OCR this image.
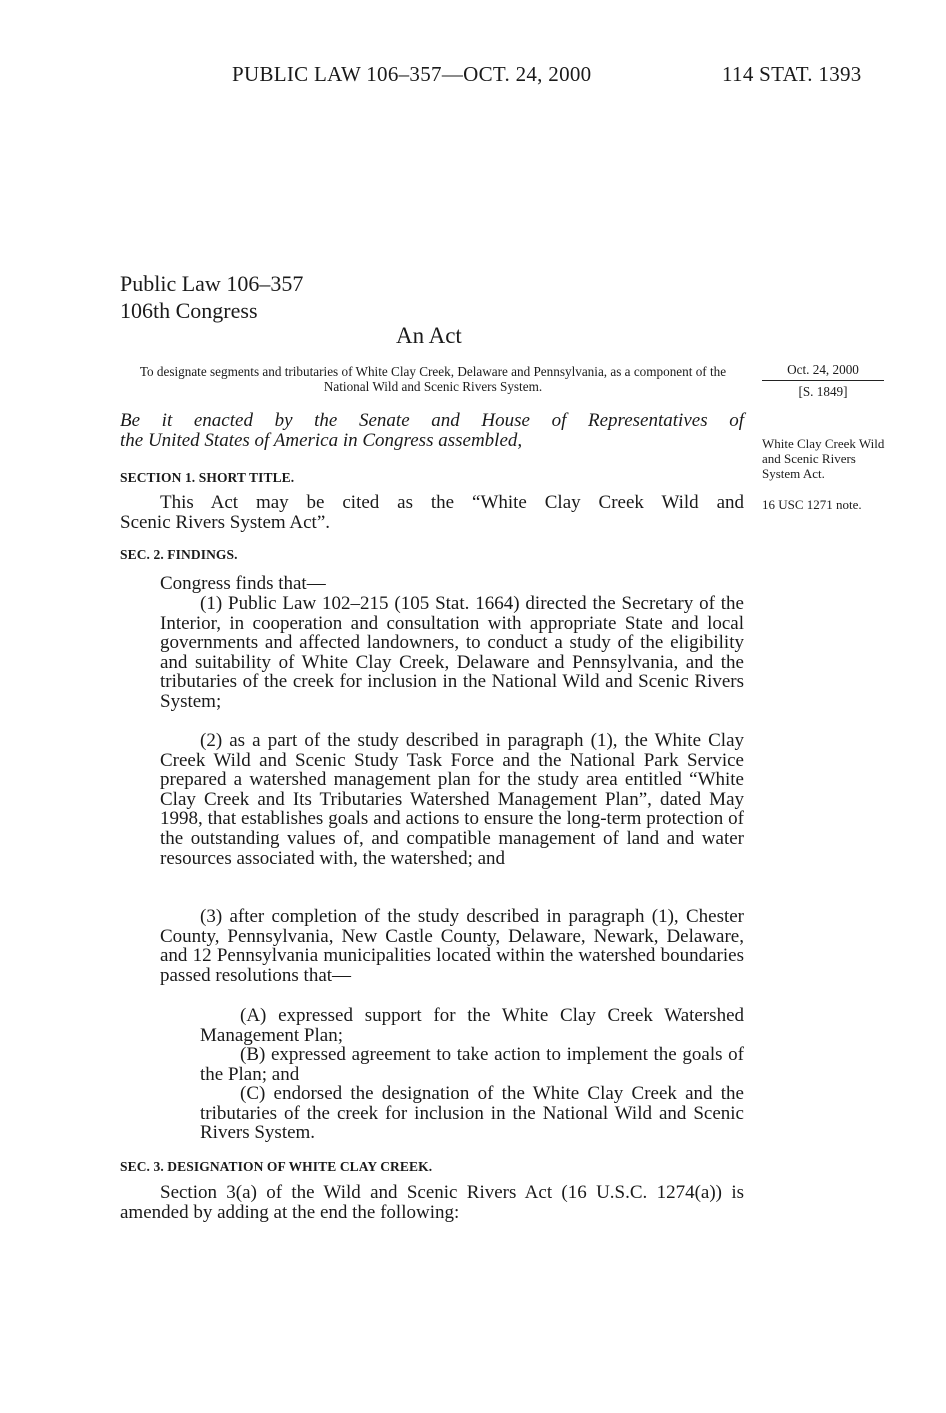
PUBLIC LAW 106–357—OCT. 24, 2000	114 STAT. 1393
Public Law 106–357
106th Congress
An Act
To designate segments and tributaries of White Clay Creek, Delaware and Pennsylvania, as a component of the National Wild and Scenic Rivers System.
Oct. 24, 2000
[S. 1849]
Be it enacted by the Senate and House of Representatives of
the United States of America in Congress assembled,	White Clay Creek Wild and Scenic Rivers System Act.
16 USC 1271 note.
SECTION 1. SHORT TITLE.
This Act may be cited as the “White Clay Creek Wild and
Scenic Rivers System Act”.
SEC. 2. FINDINGS.
Congress finds that—
(1) Public Law 102–215 (105 Stat. 1664) directed the Secretary of the Interior, in cooperation and consultation with appropriate State and local governments and affected landowners, to conduct a study of the eligibility and suitability of White Clay Creek, Delaware and Pennsylvania, and the tributaries of the creek for inclusion in the National Wild and Scenic Rivers System;
(2) as a part of the study described in paragraph (1), the White Clay Creek Wild and Scenic Study Task Force and the National Park Service prepared a watershed management plan for the study area entitled “White Clay Creek and Its Tributaries Watershed Management Plan”, dated May 1998, that establishes goals and actions to ensure the long-term protection of the outstanding values of, and compatible management of land and water resources associated with, the watershed; and
(3) after completion of the study described in paragraph (1), Chester County, Pennsylvania, New Castle County, Delaware, Newark, Delaware, and 12 Pennsylvania municipalities located within the watershed boundaries passed resolutions that—
(A) expressed support for the White Clay Creek Watershed Management Plan;
(B) expressed agreement to take action to implement the goals of the Plan; and
(C) endorsed the designation of the White Clay Creek and the tributaries of the creek for inclusion in the National Wild and Scenic Rivers System.
SEC. 3. DESIGNATION OF WHITE CLAY CREEK.
Section 3(a) of the Wild and Scenic Rivers Act (16 U.S.C. 1274(a)) is amended by adding at the end the following:
